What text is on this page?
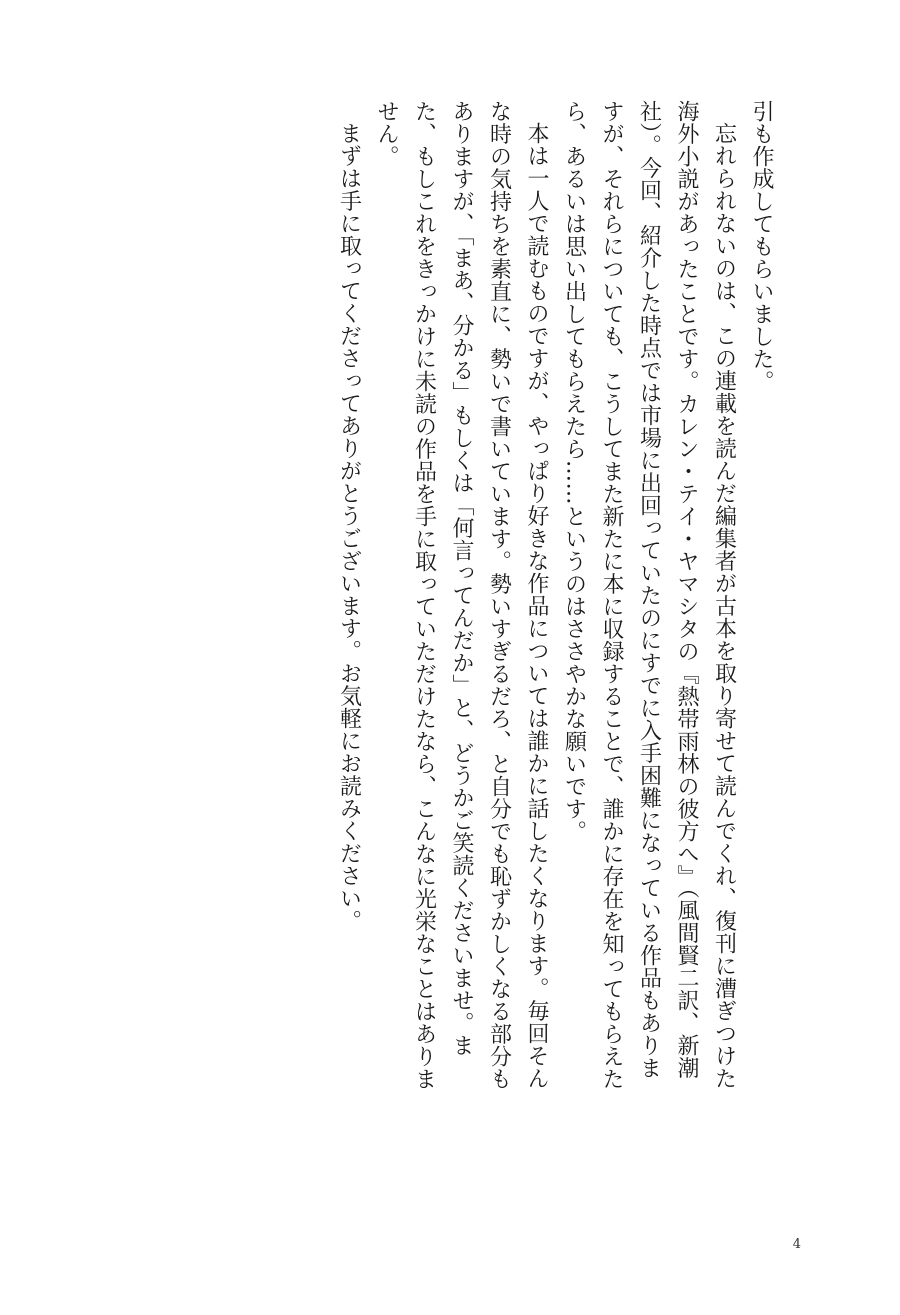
引も作成してもらいました。

忘れられないのは、この連載を読んだ編集者が古本を取り寄せて読んでくれ、復刊に漕ぎつけた海外小説があったことです。カレン・テイ・ヤマシタの『熱帯雨林の彼方へ』（風間賢二訳、新潮社）。今回、紹介した時点では市場に出回っていたのにすでに入手困難になっている作品もありますが、それらについても、こうしてまた新たに本に収録することで、誰かに存在を知ってもらえたら、あるいは思い出してもらえたら……というのはささやかな願いです。

本は一人で読むものですが、やっぱり好きな作品については誰かに話したくなります。毎回そんな時の気持ちを素直に、勢いで書いています。勢いすぎるだろ、と自分でも恥ずかしくなる部分もありますが、「まあ、分かる」もしくは「何言ってんだか」と、どうかご笑読くださいませ。また、もしこれをきっかけに未読の作品を手に取っていただけたなら、こんなに光栄なことはありません。

まずは手に取ってくださってありがとうございます。お気軽にお読みください。

4
